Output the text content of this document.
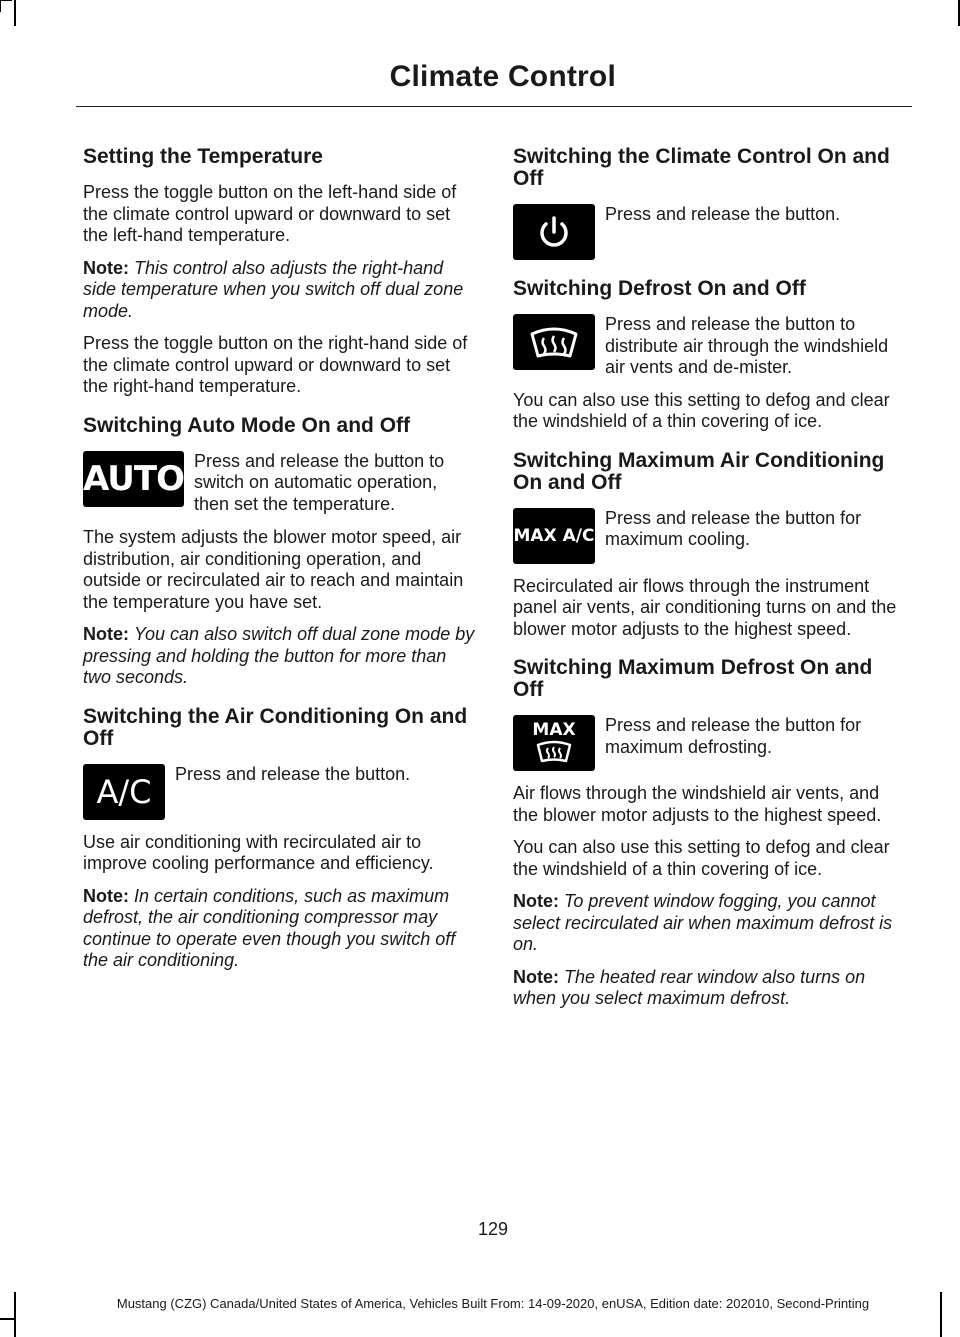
Climate Control
Setting the Temperature

Press the toggle button on the left-hand side of the climate control upward or downward to set the left-hand temperature.

Note: This control also adjusts the right-hand side temperature when you switch off dual zone mode.

Press the toggle button on the right-hand side of the climate control upward or downward to set the right-hand temperature.

Switching Auto Mode On and Off
AUTO Press and release the button to switch on automatic operation, then set the temperature.

The system adjusts the blower motor speed, air distribution, air conditioning operation, and outside or recirculated air to reach and maintain the temperature you have set.

Note: You can also switch off dual zone mode by pressing and holding the button for more than two seconds.

Switching the Air Conditioning On and Off
A/C Press and release the button.

Use air conditioning with recirculated air to improve cooling performance and efficiency.

Note: In certain conditions, such as maximum defrost, the air conditioning compressor may continue to operate even though you switch off the air conditioning.

Switching the Climate Control On and Off

Press and release the button.

Switching Defrost On and Off

Press and release the button to distribute air through the windshield air vents and de-mister.

You can also use this setting to defog and clear the windshield of a thin covering of ice.

Switching Maximum Air Conditioning On and Off
MAX A/C

Press and release the button for maximum cooling.

Recirculated air flows through the instrument panel air vents, air conditioning turns on and the blower motor adjusts to the highest speed.

Switching Maximum Defrost On and Off
MAX Press and release the button for maximum defrosting.

Air flows through the windshield air vents, and the blower motor adjusts to the highest speed.

You can also use this setting to defog and clear the windshield of a thin covering of ice.

Note: To prevent window fogging, you cannot select recirculated air when maximum defrost is on.

Note: The heated rear window also turns on when you select maximum defrost.

129
Mustang (CZG) Canada/United States of America, Vehicles Built From: 14-09-2020, enUSA, Edition date: 202010, Second-Printing
